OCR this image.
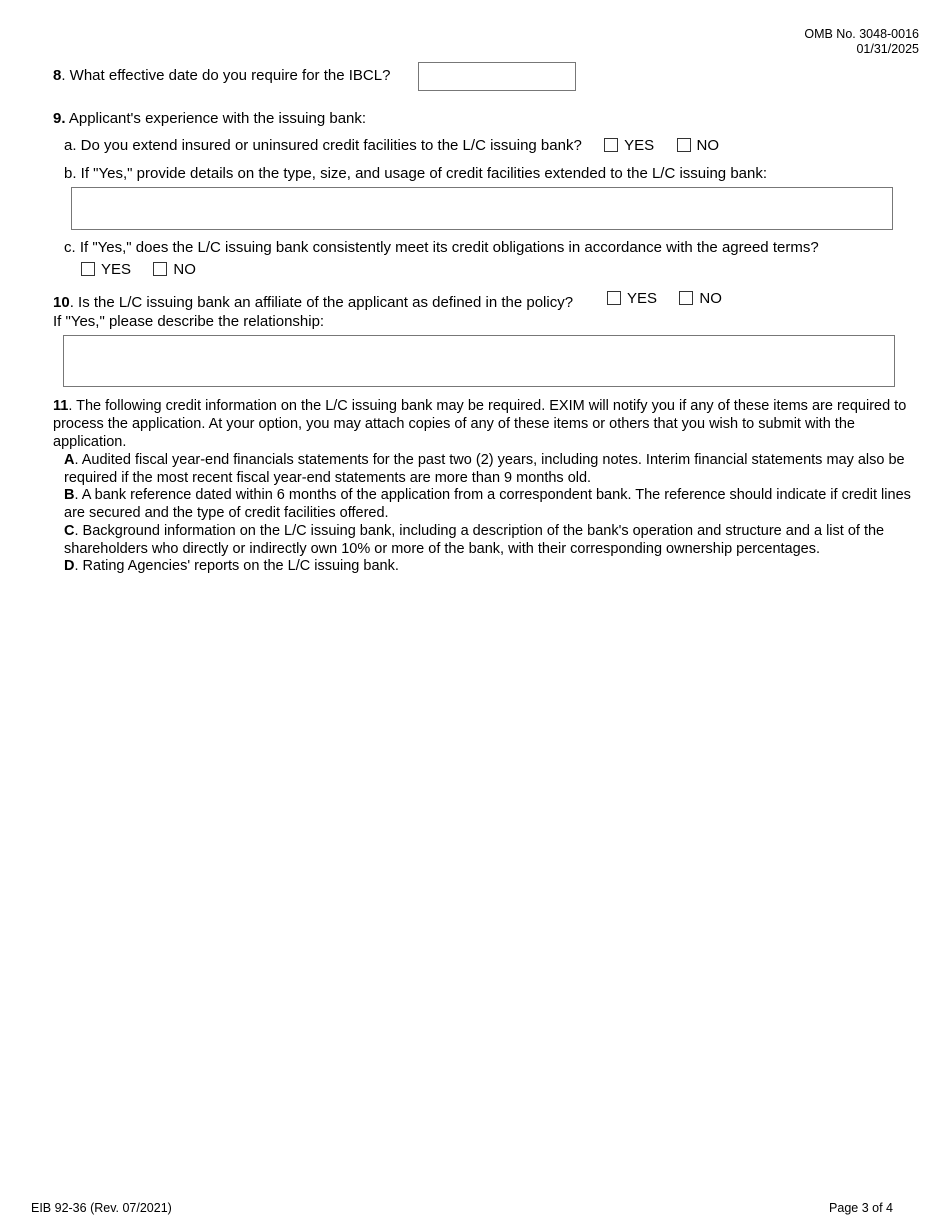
OMB No. 3048-0016
01/31/2025
8. What effective date do you require for the IBCL?
9. Applicant's experience with the issuing bank:
a. Do you extend insured or uninsured credit facilities to the L/C issuing bank?	YES	NO
b. If "Yes," provide details on the type, size, and usage of credit facilities extended to the L/C issuing bank:
c. If "Yes," does the L/C issuing bank consistently meet its credit obligations in accordance with the agreed terms?
YES	NO
10. Is the L/C issuing bank an affiliate of the applicant as defined in the policy?	YES	NO
If "Yes," please describe the relationship:
11. The following credit information on the L/C issuing bank may be required. EXIM will notify you if any of these items are required to process the application. At your option, you may attach copies of any of these items or others that you wish to submit with the application.
A. Audited fiscal year-end financials statements for the past two (2) years, including notes. Interim financial statements may also be required if the most recent fiscal year-end statements are more than 9 months old.
B. A bank reference dated within 6 months of the application from a correspondent bank. The reference should indicate if credit lines are secured and the type of credit facilities offered.
C. Background information on the L/C issuing bank, including a description of the bank's operation and structure and a list of the shareholders who directly or indirectly own 10% or more of the bank, with their corresponding ownership percentages.
D. Rating Agencies' reports on the L/C issuing bank.
EIB 92-36 (Rev. 07/2021)	Page 3 of 4
